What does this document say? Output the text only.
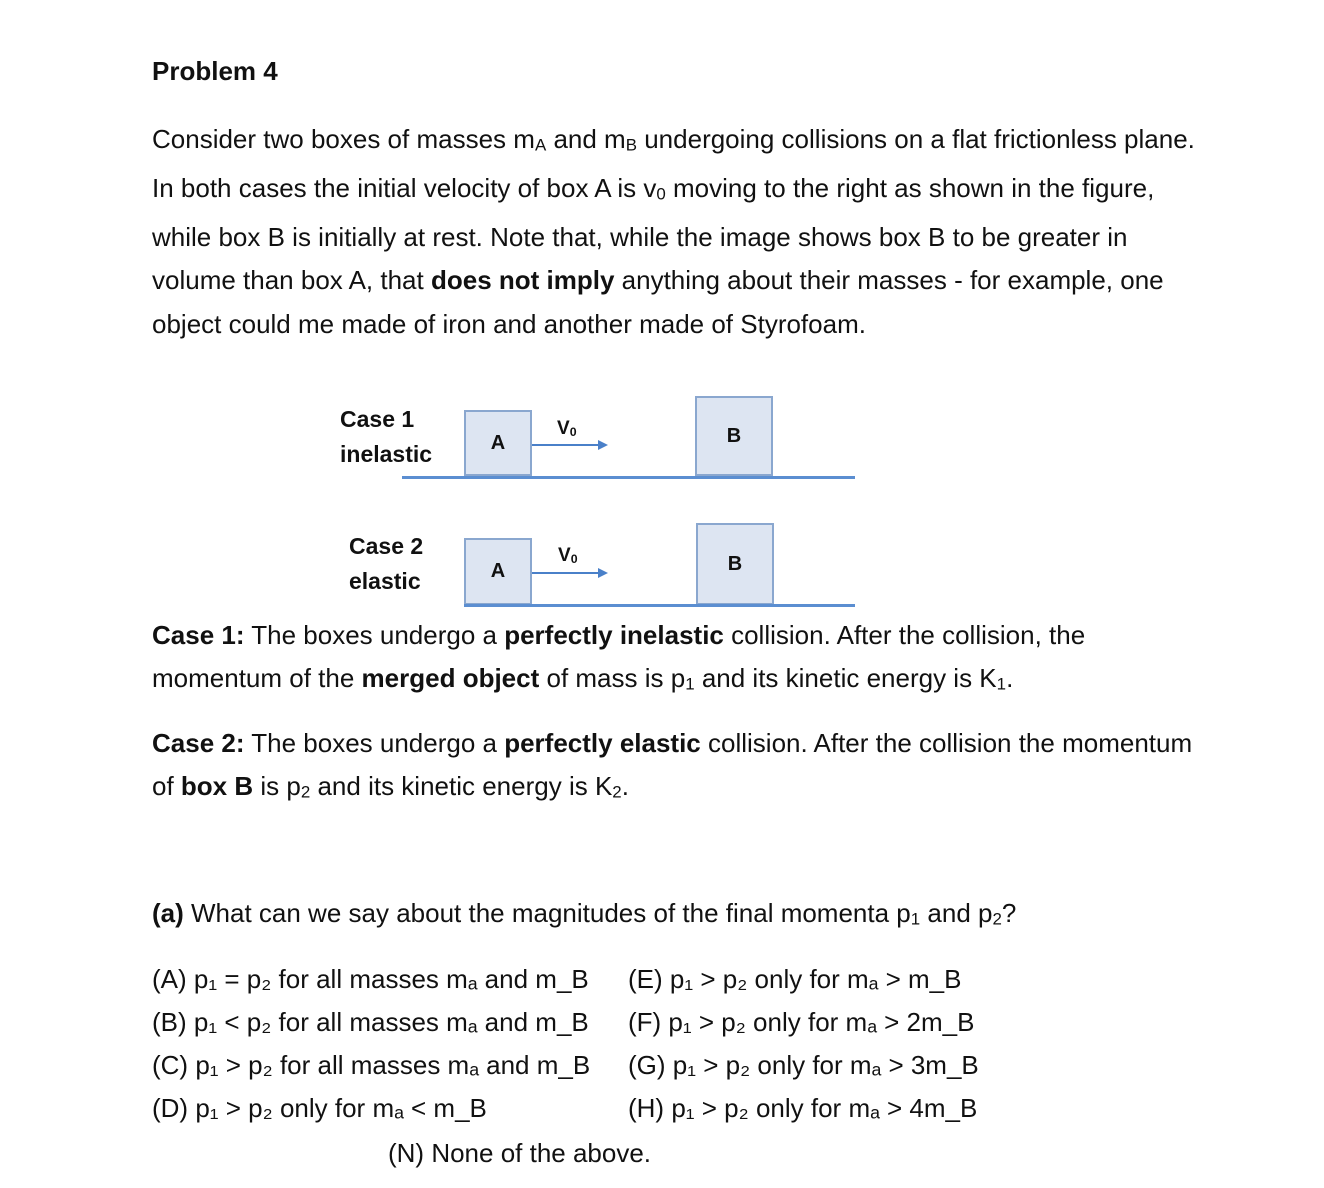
Problem 4
Consider two boxes of masses $m_A$ and $m_B$ undergoing collisions on a flat frictionless plane. In both cases the initial velocity of box A is $v_0$ moving to the right as shown in the figure, while box B is initially at rest. Note that, while the image shows box B to be greater in volume than box A, that does not imply anything about their masses - for example, one object could me made of iron and another made of Styrofoam.
Case 1
inelastic	A
$V_0$	B
Case 2
elastic	A
$V_0$	B
Case 1: The boxes undergo a perfectly inelastic collision. After the collision, the momentum of the merged object of mass is $p_1$ and its kinetic energy is $K_1$.
Case 2: The boxes undergo a perfectly elastic collision. After the collision the momentum of box B is $p_2$ and its kinetic energy is $K_2$.
(a) What can we say about the magnitudes of the final momenta $p_1$ and $p_2$?
(A) p₁ = p₂ for all masses mₐ and m_B
(B) p₁ < p₂ for all masses mₐ and m_B
(C) p₁ > p₂ for all masses mₐ and m_B
(D) p₁ > p₂ only for mₐ < m_B
(E) p₁ > p₂ only for mₐ > m_B
(F) p₁ > p₂ only for mₐ > 2m_B
(G) p₁ > p₂ only for mₐ > 3m_B
(H) p₁ > p₂ only for mₐ > 4m_B
(N) None of the above.
